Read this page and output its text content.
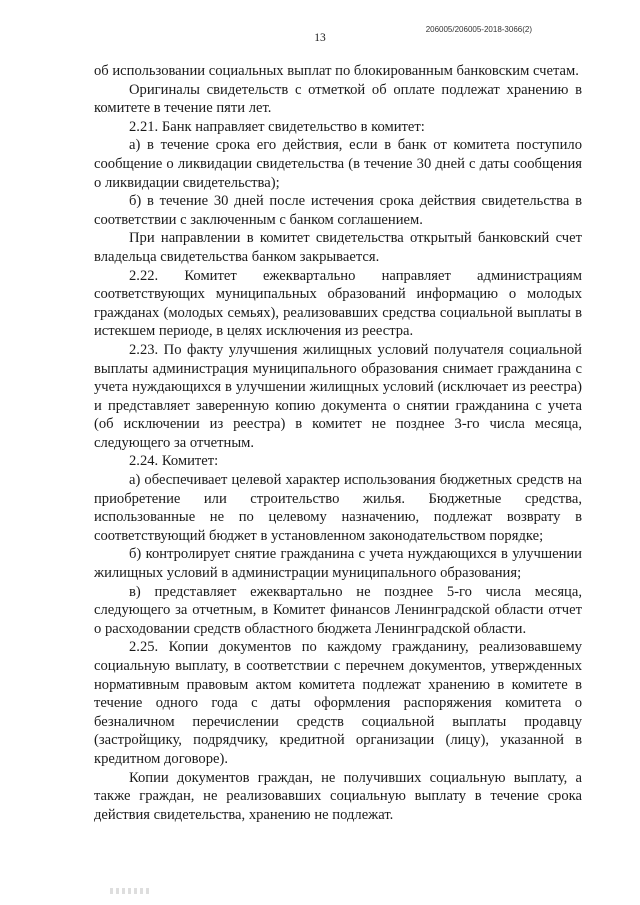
206005/206005-2018-3066(2)
13

об использовании социальных выплат по блокированным банковским счетам.

Оригиналы свидетельств с отметкой об оплате подлежат хранению в комитете в течение пяти лет.

2.21. Банк направляет свидетельство в комитет:

а) в течение срока его действия, если в банк от комитета поступило сообщение о ликвидации свидетельства (в течение 30 дней с даты сообщения о ликвидации свидетельства);

б) в течение 30 дней после истечения срока действия свидетельства в соответствии с заключенным с банком соглашением.

При направлении в комитет свидетельства открытый банковский счет владельца свидетельства банком закрывается.

2.22. Комитет ежеквартально направляет администрациям соответствующих муниципальных образований информацию о молодых гражданах (молодых семьях), реализовавших средства социальной выплаты в истекшем периоде, в целях исключения из реестра.

2.23. По факту улучшения жилищных условий получателя социальной выплаты администрация муниципального образования снимает гражданина с учета нуждающихся в улучшении жилищных условий (исключает из реестра) и представляет заверенную копию документа о снятии гражданина с учета (об исключении из реестра) в комитет не позднее 3-го числа месяца, следующего за отчетным.

2.24. Комитет:

а) обеспечивает целевой характер использования бюджетных средств на приобретение или строительство жилья. Бюджетные средства, использованные не по целевому назначению, подлежат возврату в соответствующий бюджет в установленном законодательством порядке;

б) контролирует снятие гражданина с учета нуждающихся в улучшении жилищных условий в администрации муниципального образования;

в) представляет ежеквартально не позднее 5-го числа месяца, следующего за отчетным, в Комитет финансов Ленинградской области отчет о расходовании средств областного бюджета Ленинградской области.

2.25. Копии документов по каждому гражданину, реализовавшему социальную выплату, в соответствии с перечнем документов, утвержденных нормативным правовым актом комитета подлежат хранению в комитете в течение одного года с даты оформления распоряжения комитета о безналичном перечислении средств социальной выплаты продавцу (застройщику, подрядчику, кредитной организации (лицу), указанной в кредитном договоре).

Копии документов граждан, не получивших социальную выплату, а также граждан, не реализовавших социальную выплату в течение срока действия свидетельства, хранению не подлежат.
